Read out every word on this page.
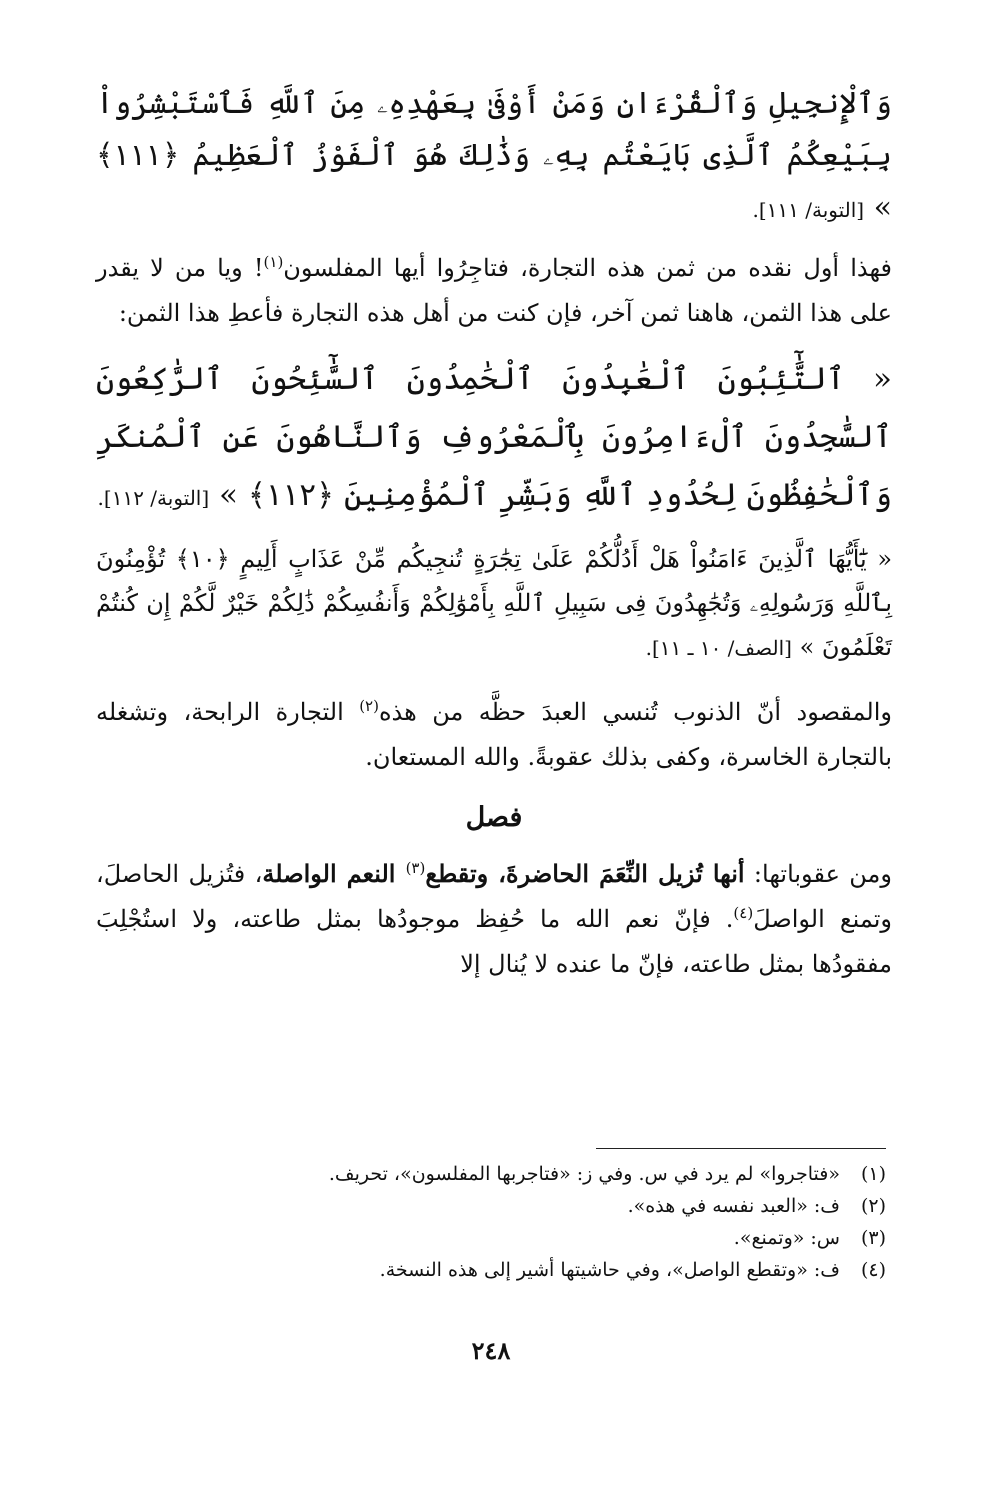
وَٱلْإِنجِيلِ وَٱلْقُرْءَانِ وَمَنْ أَوْفَىٰ بِعَهْدِهِۦ مِنَ ٱللَّهِ فَٱسْتَبْشِرُواْ بِبَيْعِكُمُ ٱلَّذِى بَايَعْتُم بِهِۦ وَذَٰلِكَ هُوَ ٱلْفَوْزُ ٱلْعَظِيمُ ﴿١١١﴾ » [التوبة/ ١١١].

فهذا أول نقده من ثمن هذه التجارة، فتاجِرُوا أيها المفلسون$^{(١)}$! ويا من لا يقدر على هذا الثمن، هاهنا ثمن آخر، فإن كنت من أهل هذه التجارة فأعطِ هذا الثمن:

« ٱلتَّٰٓئِبُونَ ٱلْعَٰبِدُونَ ٱلْحَٰمِدُونَ ٱلسَّٰٓئِحُونَ ٱلرَّٰكِعُونَ ٱلسَّٰجِدُونَ ٱلْءَامِرُونَ بِٱلْمَعْرُوفِ وَٱلنَّاهُونَ عَنِ ٱلْمُنكَرِ وَٱلْحَٰفِظُونَ لِحُدُودِ ٱللَّهِ وَبَشِّرِ ٱلْمُؤْمِنِينَ ﴿١١٢﴾ » [التوبة/ ١١٢].

« يَٰٓأَيُّهَا ٱلَّذِينَ ءَامَنُواْ هَلْ أَدُلُّكُمْ عَلَىٰ تِجَٰرَةٍ تُنجِيكُم مِّنْ عَذَابٍ أَلِيمٍ ﴿١٠﴾ تُؤْمِنُونَ بِٱللَّهِ وَرَسُولِهِۦ وَتُجَٰهِدُونَ فِى سَبِيلِ ٱللَّهِ بِأَمْوَٰلِكُمْ وَأَنفُسِكُمْ ذَٰلِكُمْ خَيْرٌ لَّكُمْ إِن كُنتُمْ تَعْلَمُونَ » [الصف/ ١٠ ـ ١١].

والمقصود أنّ الذنوب تُنسي العبدَ حظَّه من هذه$^{(٢)}$ التجارة الرابحة، وتشغله بالتجارة الخاسرة، وكفى بذلك عقوبةً. والله المستعان.

فصل

ومن عقوباتها: أنها تُزيل النِّعَمَ الحاضرةَ، وتقطع$^{(٣)}$ النعم الواصلة، فتُزيل الحاصلَ، وتمنع الواصلَ$^{(٤)}$. فإنّ نعم الله ما حُفِظ موجودُها بمثل طاعته، ولا استُجْلِبَ مفقودُها بمثل طاعته، فإنّ ما عنده لا يُنال إلا

(١)
«فتاجروا» لم يرد في س. وفي ز: «فتاجربها المفلسون»، تحريف.
(٢)
ف: «العبد نفسه في هذه».
(٣)
س: «وتمنع».
(٤)
ف: «وتقطع الواصل»، وفي حاشيتها أشير إلى هذه النسخة.
٢٤٨
